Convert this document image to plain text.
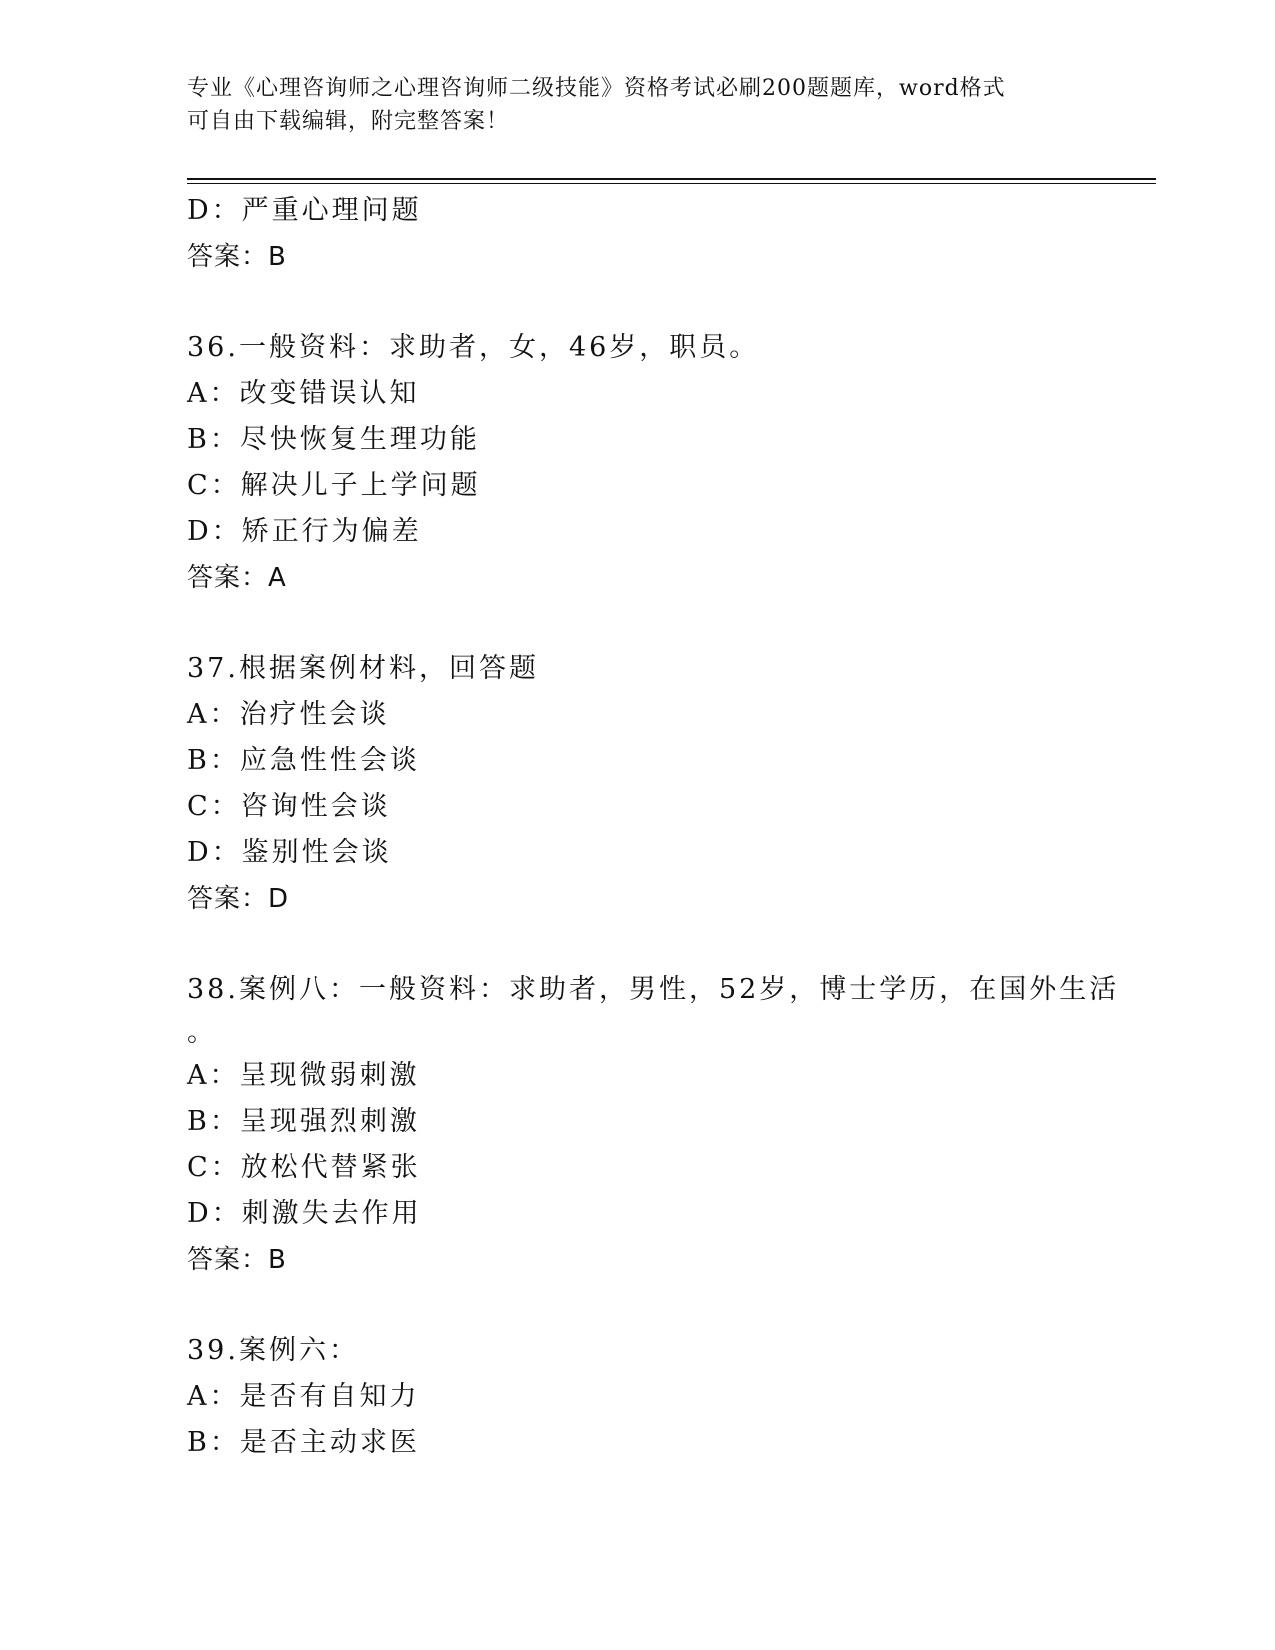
专业《心理咨询师之心理咨询师二级技能》资格考试必刷200题题库，word格式
可自由下载编辑，附完整答案！
D：严重心理问题
答案：B
36.一般资料：求助者，女，46岁，职员。
A：改变错误认知
B：尽快恢复生理功能
C：解决儿子上学问题
D：矫正行为偏差
答案：A
37.根据案例材料，回答题
A：治疗性会谈
B：应急性性会谈
C：咨询性会谈
D：鉴别性会谈
答案：D
38.案例八：一般资料：求助者，男性，52岁，博士学历，在国外生活
。
A：呈现微弱刺激
B：呈现强烈刺激
C：放松代替紧张
D：刺激失去作用
答案：B
39.案例六：
A：是否有自知力
B：是否主动求医
